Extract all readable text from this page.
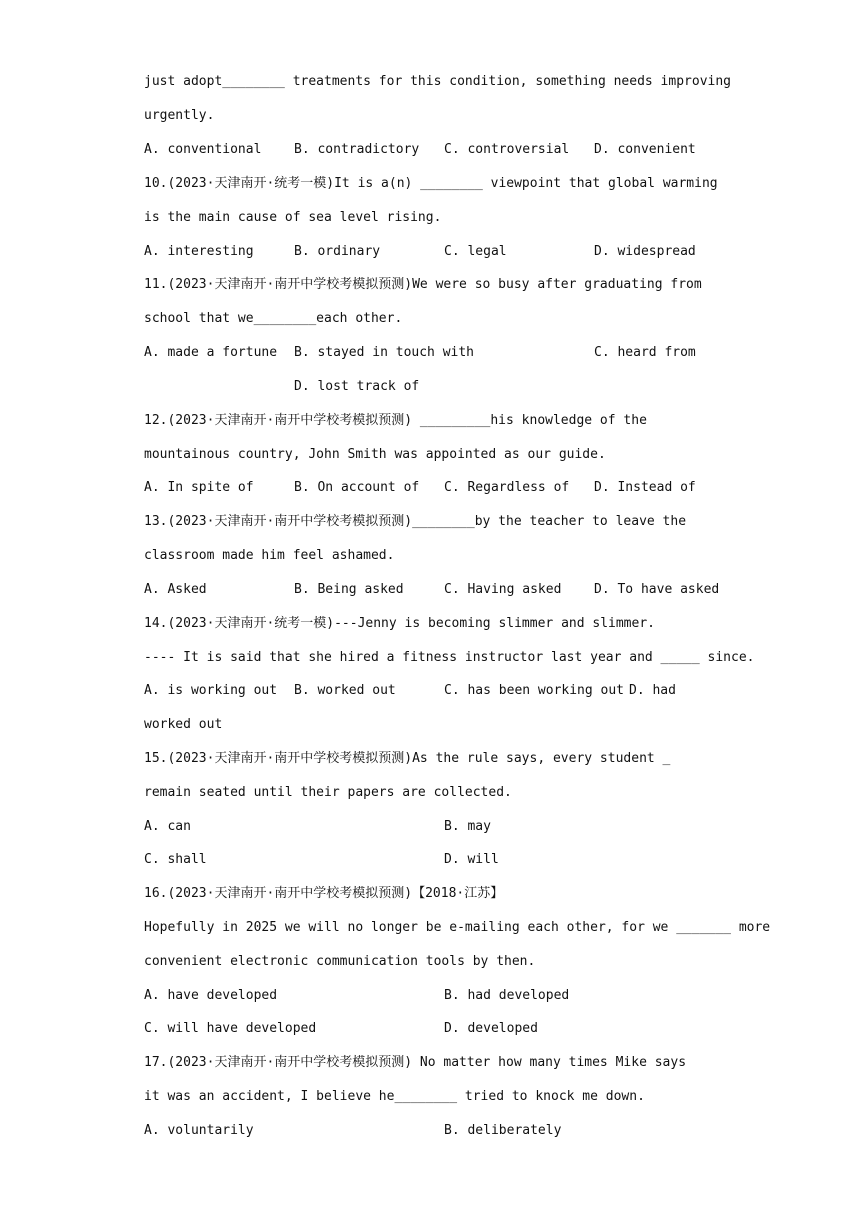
just adopt________ treatments for this condition, something needs improving
urgently.
A. conventional	B. contradictory C. controversial D. convenient
10.(2023·天津南开·统考一模)It is a(n) ________ viewpoint that global warming
is the main cause of sea level rising.
A. interesting	B. ordinary	C. legal	D. widespread
11.(2023·天津南开·南开中学校考模拟预测)We were so busy after graduating from
school that we________each other.
A. made a fortune B. stayed in touch with	C. heard from
D. lost track of
12.(2023·天津南开·南开中学校考模拟预测) _________his knowledge of the
mountainous country, John Smith was appointed as our guide.
A. In spite of	B. On account of C. Regardless of D. Instead of
13.(2023·天津南开·南开中学校考模拟预测)________by the teacher to leave the
classroom made him feel ashamed.
A. Asked	B. Being asked	C. Having asked	D. To have asked
14.(2023·天津南开·统考一模)---Jenny is becoming slimmer and slimmer.
---- It is said that she hired a fitness instructor last year and _____ since.
A. is working out B. worked out	C. has been working out D. had
worked out
15.(2023·天津南开·南开中学校考模拟预测)As the rule says, every student _
remain seated until their papers are collected.
A. can	B. may
C. shall	D. will
16.(2023·天津南开·南开中学校考模拟预测)【2018·江苏】
Hopefully in 2025 we will no longer be e-mailing each other, for we _______ more
convenient electronic communication tools by then.
A. have developed	B. had developed
C. will have developed	D. developed
17.(2023·天津南开·南开中学校考模拟预测) No matter how many times Mike says
it was an accident, I believe he________ tried to knock me down.
A. voluntarily	B. deliberately
